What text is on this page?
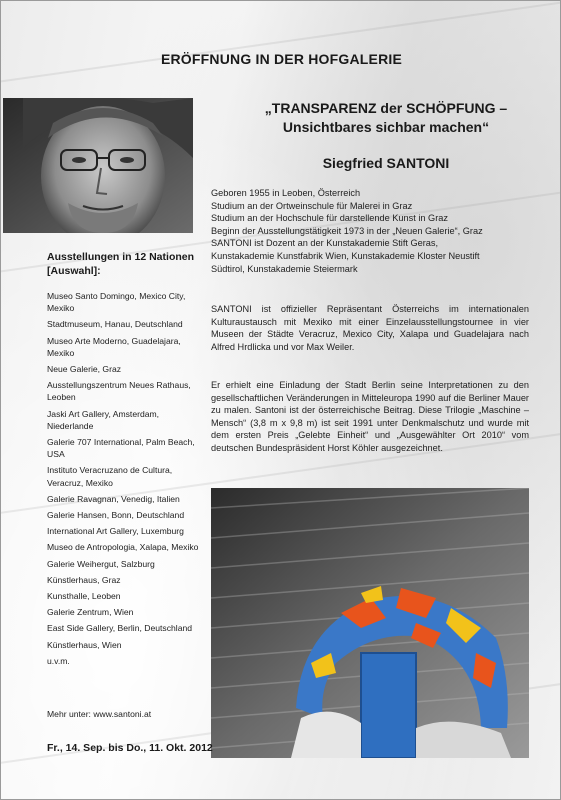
ERÖFFNUNG IN DER HOFGALERIE
„TRANSPARENZ der SCHÖPFUNG –
Unsichtbares sichbar machen“
Siegfried SANTONI
Geboren 1955 in Leoben, Österreich
Studium an der Ortweinschule für Malerei in Graz
Studium an der Hochschule für darstellende Kunst in Graz
Beginn der Ausstellungstätigkeit 1973 in der „Neuen Galerie“, Graz
SANTONI ist Dozent an der Kunstakademie Stift Geras,
Kunstakademie Kunstfabrik Wien, Kunstakademie Kloster Neustift
Südtirol, Kunstakademie Steiermark
SANTONI ist offizieller Repräsentant Österreichs im internationalen Kulturaustausch mit Mexiko mit einer Einzelausstellungstournee in vier Museen der Städte Veracruz, Mexico City, Xalapa und Guadelajara nach Alfred Hrdlicka und vor Max Weiler.
Er erhielt eine Einladung der Stadt Berlin seine Interpretationen zu den gesellschaftlichen Veränderungen in Mitteleuropa 1990 auf die Berliner Mauer zu malen. Santoni ist der österreichische Beitrag. Diese Trilogie „Maschine – Mensch“ (3,8 m x 9,8 m) ist seit 1991 unter Denkmalschutz und wurde mit dem ersten Preis „Gelebte Einheit“ und „Ausgewählter Ort 2010“ vom deutschen Bundespräsident Horst Köhler ausgezeichnet.
Ausstellungen in 12 Nationen
[Auswahl]:
Museo Santo Domingo, Mexico City, Mexiko
Stadtmuseum, Hanau, Deutschland
Museo Arte Moderno, Guadelajara, Mexiko
Neue Galerie, Graz
Ausstellungszentrum Neues Rathaus, Leoben
Jaski Art Gallery, Amsterdam, Niederlande
Galerie 707 International, Palm Beach, USA
Instituto Veracruzano de Cultura, Veracruz, Mexiko
Galerie Ravagnan, Venedig, Italien
Galerie Hansen, Bonn, Deutschland
International Art Gallery, Luxemburg
Museo de Antropologia, Xalapa, Mexiko
Galerie Weihergut, Salzburg
Künstlerhaus, Graz
Kunsthalle, Leoben
Galerie Zentrum, Wien
East Side Gallery, Berlin, Deutschland
Künstlerhaus, Wien
u.v.m.
Mehr unter: www.santoni.at
Fr., 14. Sep. bis Do., 11. Okt. 2012
